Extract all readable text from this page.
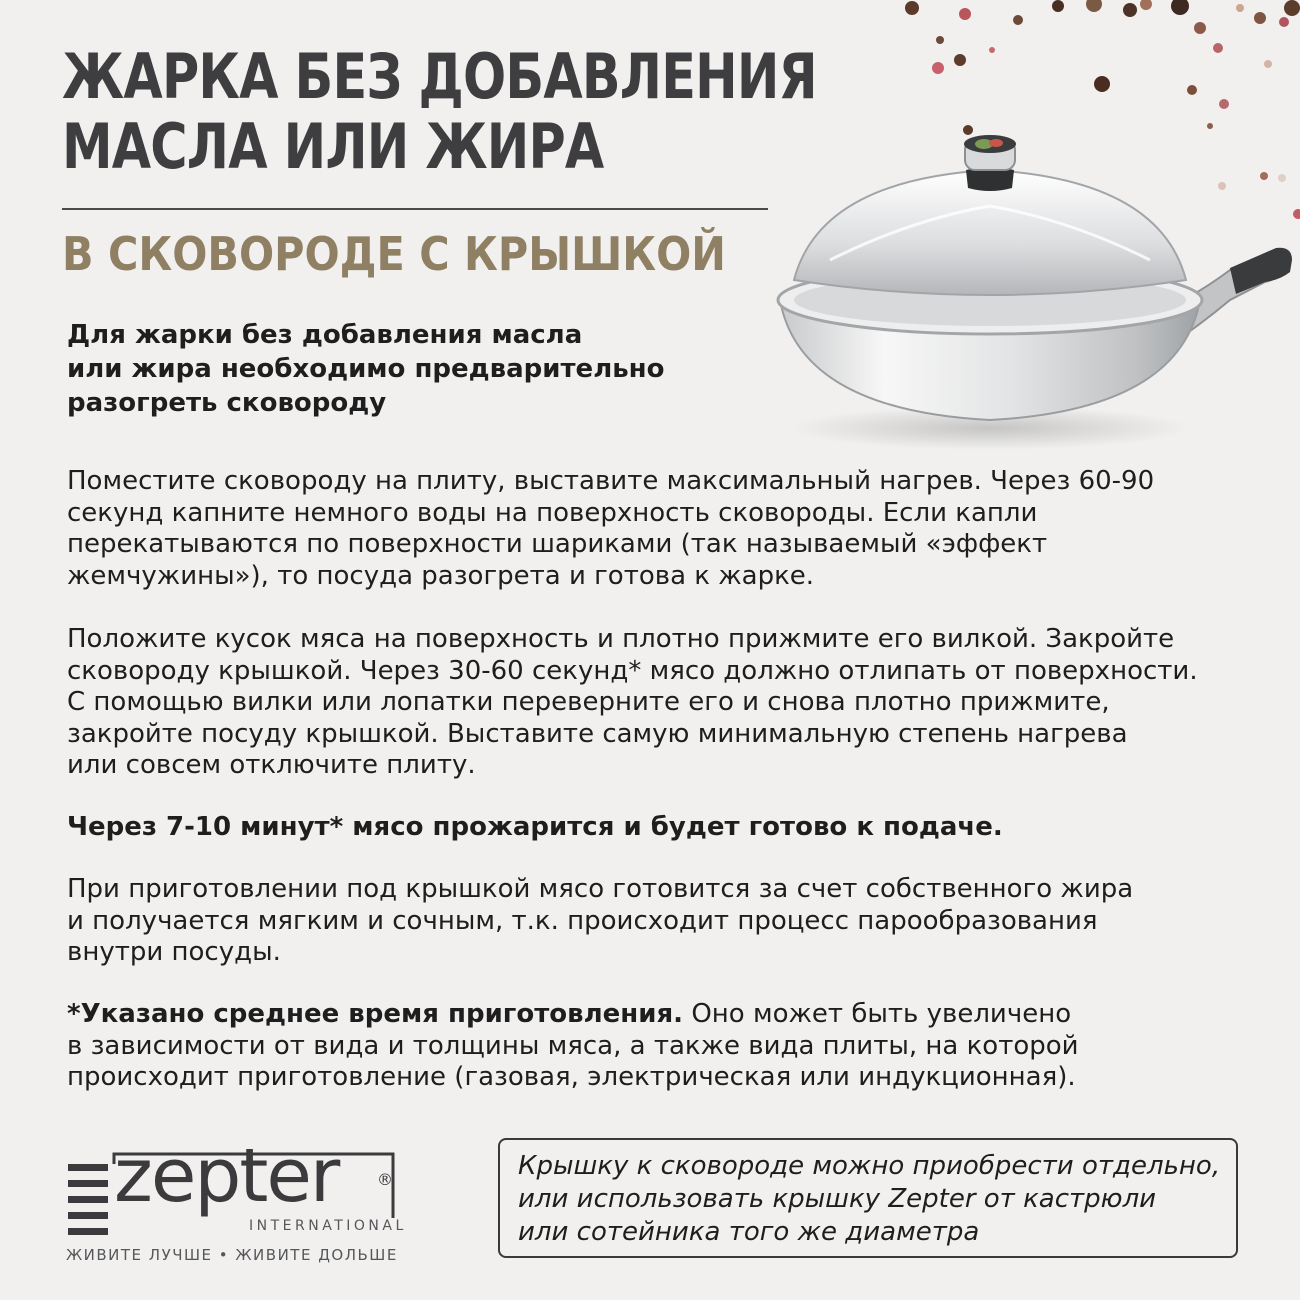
ЖАРКА БЕЗ ДОБАВЛЕНИЯ
МАСЛА ИЛИ ЖИРА
В СКОВОРОДЕ С КРЫШКОЙ
Для жарки без добавления масла
или жира необходимо предварительно
разогреть сковороду
Поместите сковороду на плиту, выставите максимальный нагрев. Через 60-90
секунд капните немного воды на поверхность сковороды. Если капли
перекатываются по поверхности шариками (так называемый «эффект
жемчужины»), то посуда разогрета и готова к жарке.
Положите кусок мяса на поверхность и плотно прижмите его вилкой. Закройте
сковороду крышкой. Через 30-60 секунд* мясо должно отлипать от поверхности.
С помощью вилки или лопатки переверните его и снова плотно прижмите,
закройте посуду крышкой. Выставите самую минимальную степень нагрева
или совсем отключите плиту.
Через 7-10 минут* мясо прожарится и будет готово к подаче.
При приготовлении под крышкой мясо готовится за счет собственного жира
и получается мягким и сочным, т.к. происходит процесс парообразования
внутри посуды.
*Указано среднее время приготовления. Оно может быть увеличено
в зависимости от вида и толщины мяса, а также вида плиты, на которой
происходит приготовление (газовая, электрическая или индукционная).
zepter ®
INTERNATIONAL
ЖИВИТЕ ЛУЧШЕ • ЖИВИТЕ ДОЛЬШЕ
Крышку к сковороде можно приобрести отдельно,
или использовать крышку Zepter от кастрюли
или сотейника того же диаметра
